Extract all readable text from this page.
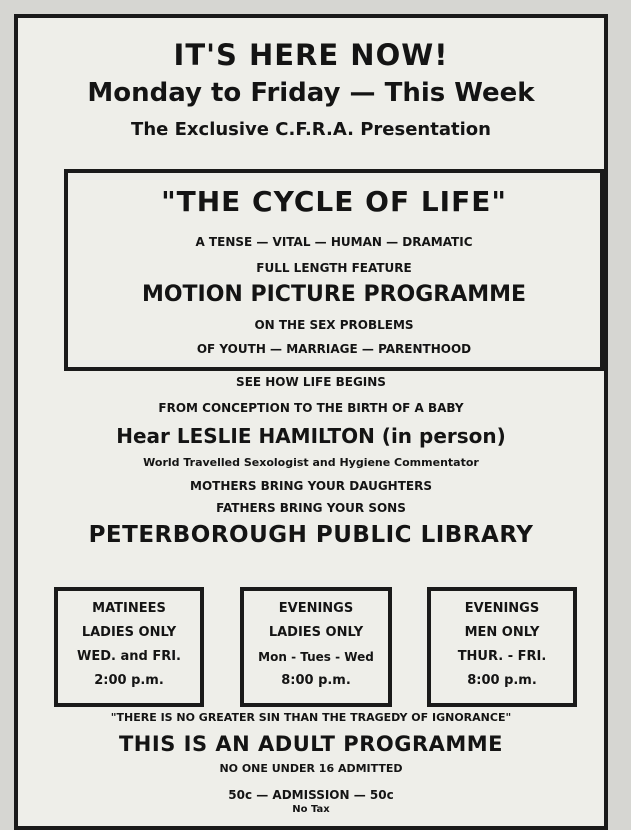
IT'S HERE NOW!
Monday to Friday — This Week
The Exclusive C.F.R.A. Presentation
"THE CYCLE OF LIFE"
A TENSE — VITAL — HUMAN — DRAMATIC
FULL LENGTH FEATURE
MOTION PICTURE PROGRAMME
ON THE SEX PROBLEMS
OF YOUTH — MARRIAGE — PARENTHOOD
SEE HOW LIFE BEGINS
FROM CONCEPTION TO THE BIRTH OF A BABY
Hear LESLIE HAMILTON (in person)
World Travelled Sexologist and Hygiene Commentator
MOTHERS BRING YOUR DAUGHTERS
FATHERS BRING YOUR SONS
PETERBOROUGH PUBLIC LIBRARY
MATINEES
LADIES ONLY
WED. and FRI.
2:00 p.m.
EVENINGS
LADIES ONLY
Mon - Tues - Wed
8:00 p.m.
EVENINGS
MEN ONLY
THUR. - FRI.
8:00 p.m.
"THERE IS NO GREATER SIN THAN THE TRAGEDY OF IGNORANCE"
THIS IS AN ADULT PROGRAMME
NO ONE UNDER 16 ADMITTED
50c — ADMISSION — 50c
No Tax
